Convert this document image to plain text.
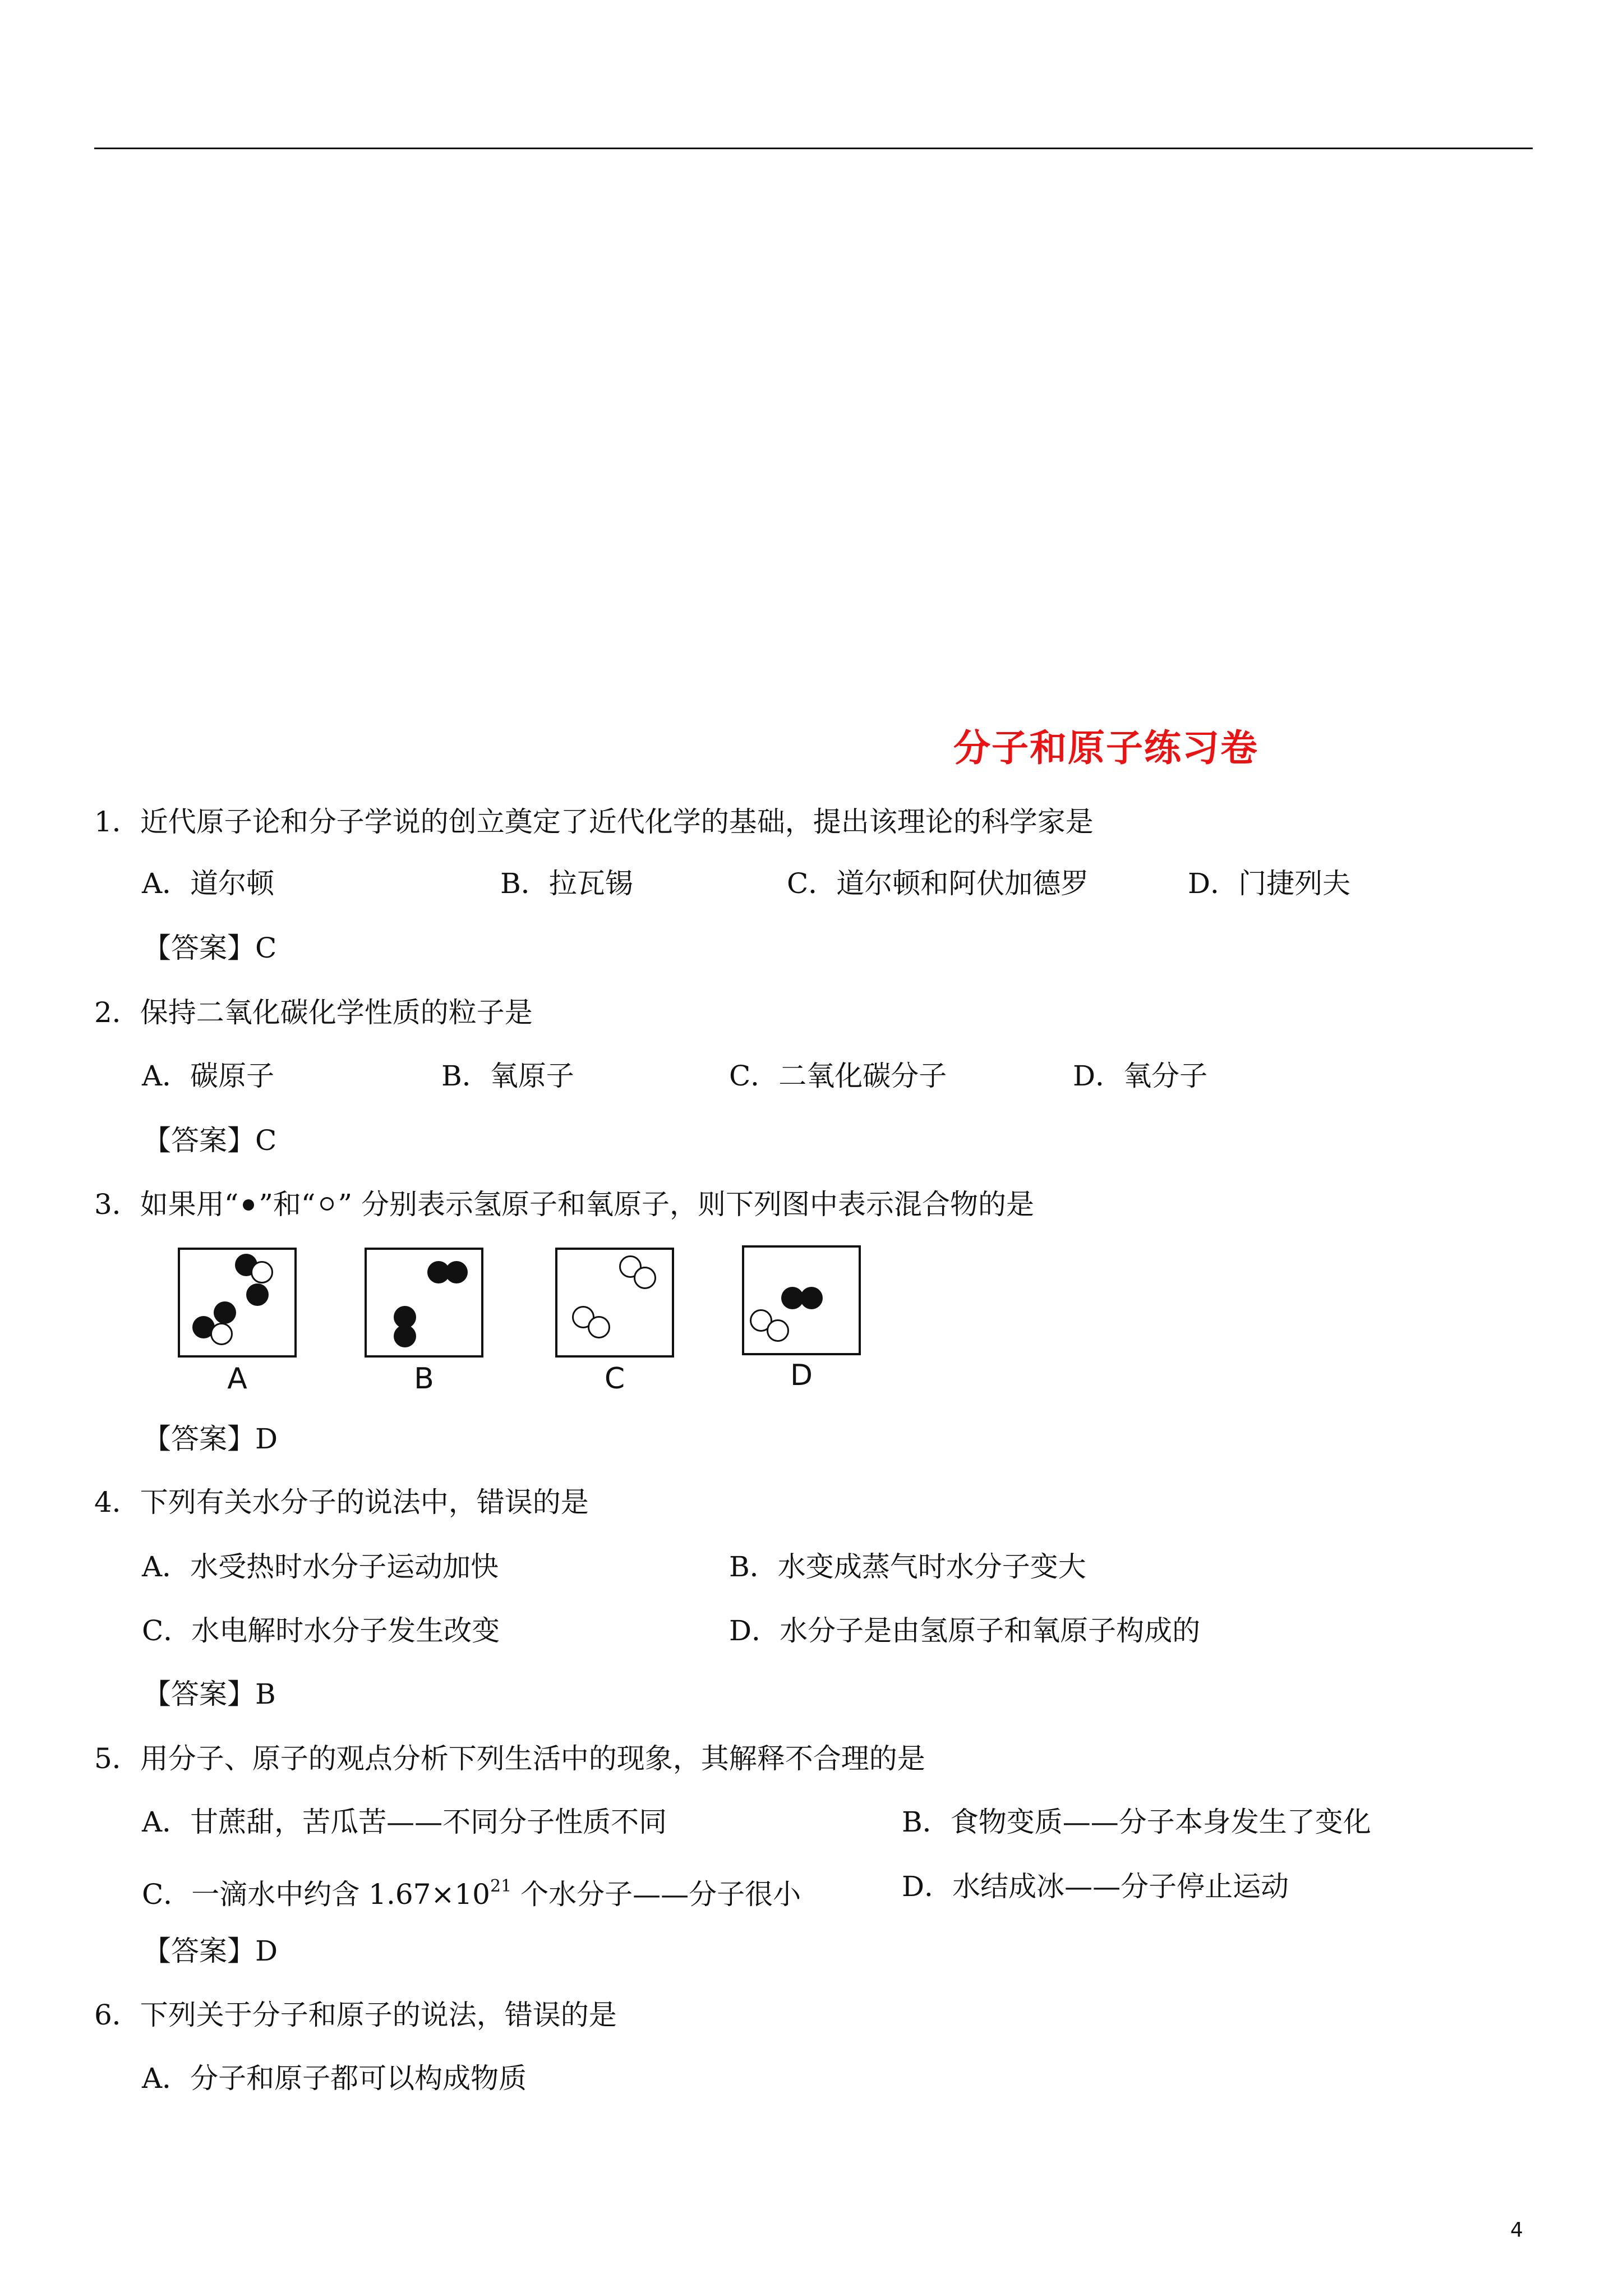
分子和原子练习卷
1．近代原子论和分子学说的创立奠定了近代化学的基础，提出该理论的科学家是
A．道尔顿	B．拉瓦锡	C．道尔顿和阿伏加德罗	D．门捷列夫
【答案】C
2．保持二氧化碳化学性质的粒子是
A．碳原子	B．氧原子	C．二氧化碳分子	D．氧分子
【答案】C
3．如果用“ ”和“ ” 分别表示氢原子和氧原子，则下列图中表示混合物的是
A	B	C	D
【答案】D
4．下列有关水分子的说法中，错误的是
A．水受热时水分子运动加快	B．水变成蒸气时水分子变大
C．水电解时水分子发生改变	D．水分子是由氢原子和氧原子构成的
【答案】B
5．用分子、原子的观点分析下列生活中的现象，其解释不合理的是
A．甘蔗甜，苦瓜苦——不同分子性质不同	B．食物变质——分子本身发生了变化
C．一滴水中约含 $1.67\times 10^{21}$ 个水分子——分子很小	D．水结成冰——分子停止运动
【答案】D
6．下列关于分子和原子的说法，错误的是
A．分子和原子都可以构成物质
4
